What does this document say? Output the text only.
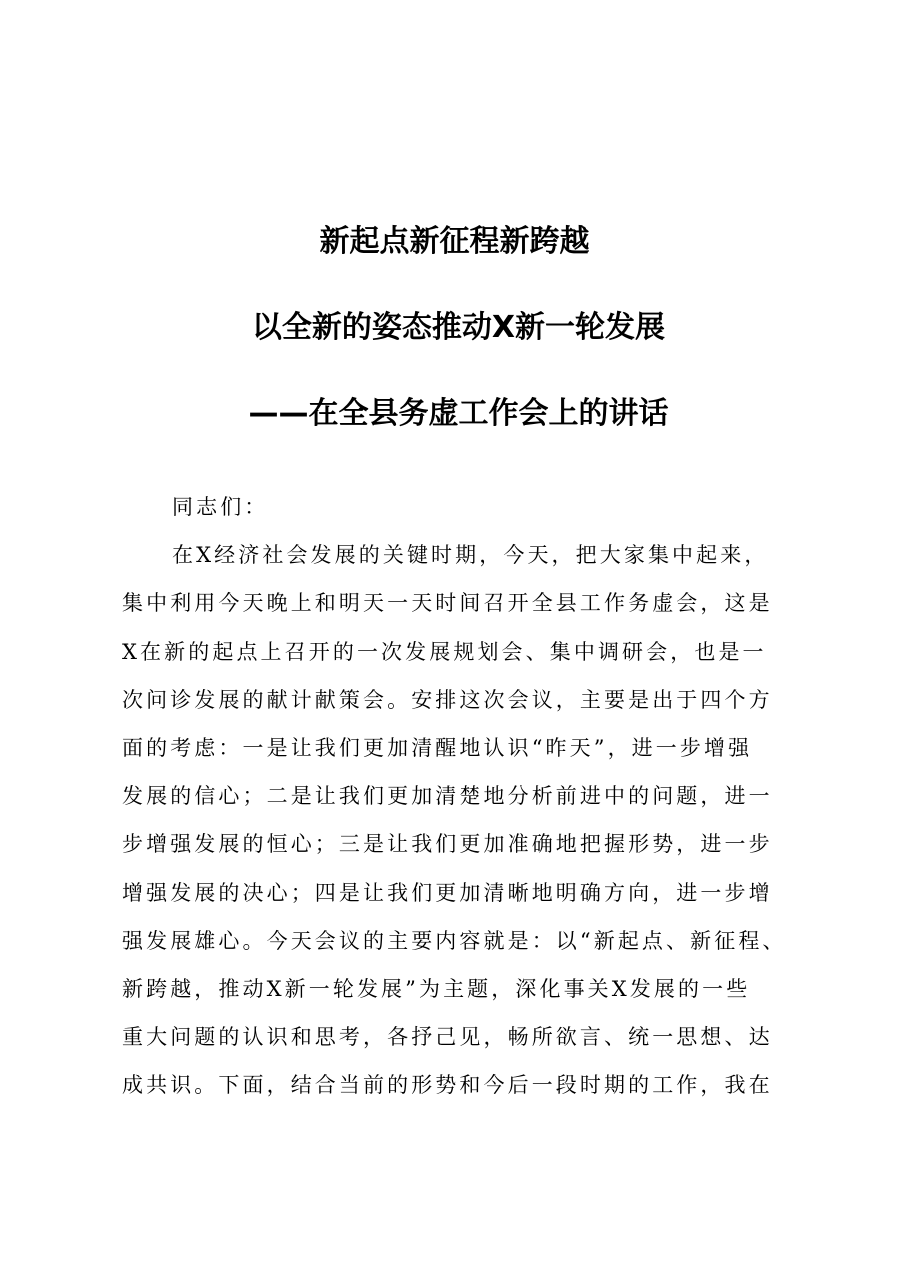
新起点新征程新跨越
以全新的姿态推动X新一轮发展
——在全县务虚工作会上的讲话
同志们：
在X经济社会发展的关键时期，今天，把大家集中起来，
集中利用今天晚上和明天一天时间召开全县工作务虚会，这是
X在新的起点上召开的一次发展规划会、集中调研会，也是一
次问诊发展的献计献策会。安排这次会议，主要是出于四个方
面的考虑：一是让我们更加清醒地认识“昨天”，进一步增强
发展的信心；二是让我们更加清楚地分析前进中的问题，进一
步增强发展的恒心；三是让我们更加准确地把握形势，进一步
增强发展的决心；四是让我们更加清晰地明确方向，进一步增
强发展雄心。今天会议的主要内容就是：以“新起点、新征程、
新跨越，推动X新一轮发展”为主题，深化事关X发展的一些
重大问题的认识和思考，各抒己见，畅所欲言、统一思想、达
成共识。下面，结合当前的形势和今后一段时期的工作，我在
